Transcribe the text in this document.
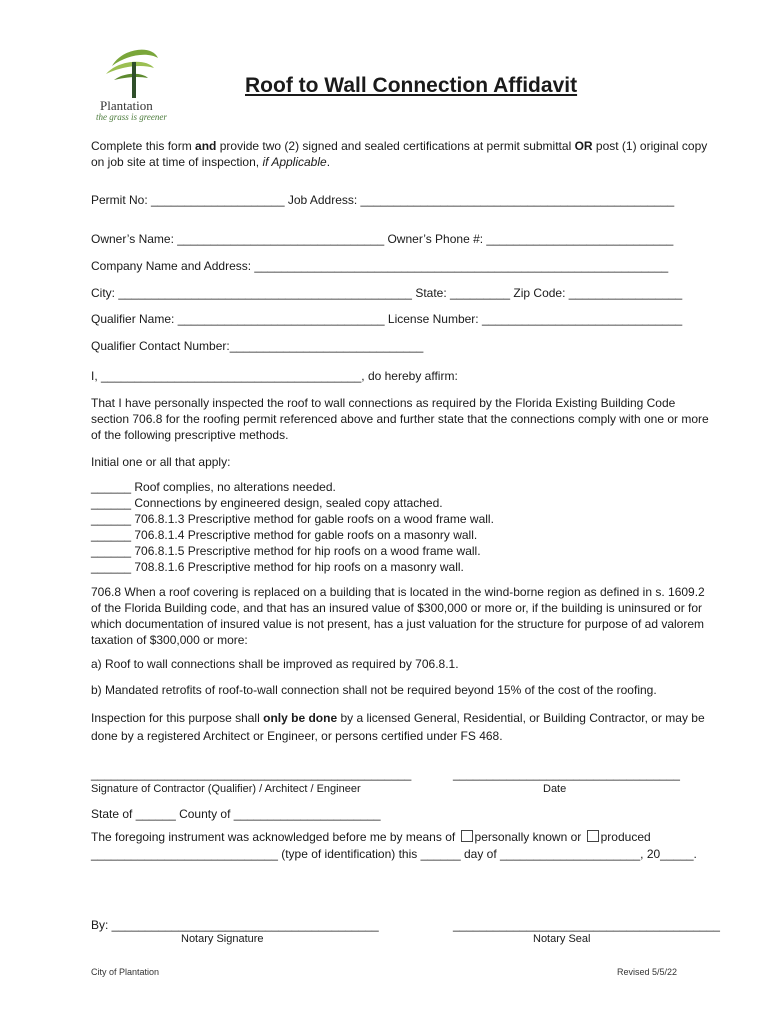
Plantation
the grass is greener
Roof to Wall Connection Affidavit
Complete this form and provide two (2) signed and sealed certifications at permit submittal OR post (1) original copy on job site at time of inspection, if Applicable.
Permit No: ____________________ Job Address: _______________________________________________
Owner’s Name: _______________________________ Owner’s Phone #: ____________________________
Company Name and Address: ______________________________________________________________
City: ____________________________________________ State: _________ Zip Code: _________________
Qualifier Name: _______________________________ License Number: ______________________________
Qualifier Contact Number:_____________________________
I, _______________________________________, do hereby affirm:
That I have personally inspected the roof to wall connections as required by the Florida Existing Building Code section 706.8 for the roofing permit referenced above and further state that the connections comply with one or more of the following prescriptive methods.
Initial one or all that apply:
______ Roof complies, no alterations needed.
______ Connections by engineered design, sealed copy attached.
______ 706.8.1.3 Prescriptive method for gable roofs on a wood frame wall.
______ 706.8.1.4 Prescriptive method for gable roofs on a masonry wall.
______ 706.8.1.5 Prescriptive method for hip roofs on a wood frame wall.
______ 708.8.1.6 Prescriptive method for hip roofs on a masonry wall.
706.8 When a roof covering is replaced on a building that is located in the wind-borne region as defined in s. 1609.2 of the Florida Building code, and that has an insured value of $300,000 or more or, if the building is uninsured or for which documentation of insured value is not present, has a just valuation for the structure for purpose of ad valorem taxation of $300,000 or more:
a) Roof to wall connections shall be improved as required by 706.8.1.
b) Mandated retrofits of roof-to-wall connection shall not be required beyond 15% of the cost of the roofing.
Inspection for this purpose shall only be done by a licensed General, Residential, or Building Contractor, or may be done by a registered Architect or Engineer, or persons certified under FS 468.
________________________________________________	__________________________________
Signature of Contractor (Qualifier) / Architect / Engineer	Date
State of ______ County of ______________________
The foregoing instrument was acknowledged before me by means of personally known or produced
____________________________ (type of identification) this ______ day of _____________________, 20_____.
By: ________________________________________	________________________________________
Notary Signature	Notary Seal
City of Plantation	Revised 5/5/22
